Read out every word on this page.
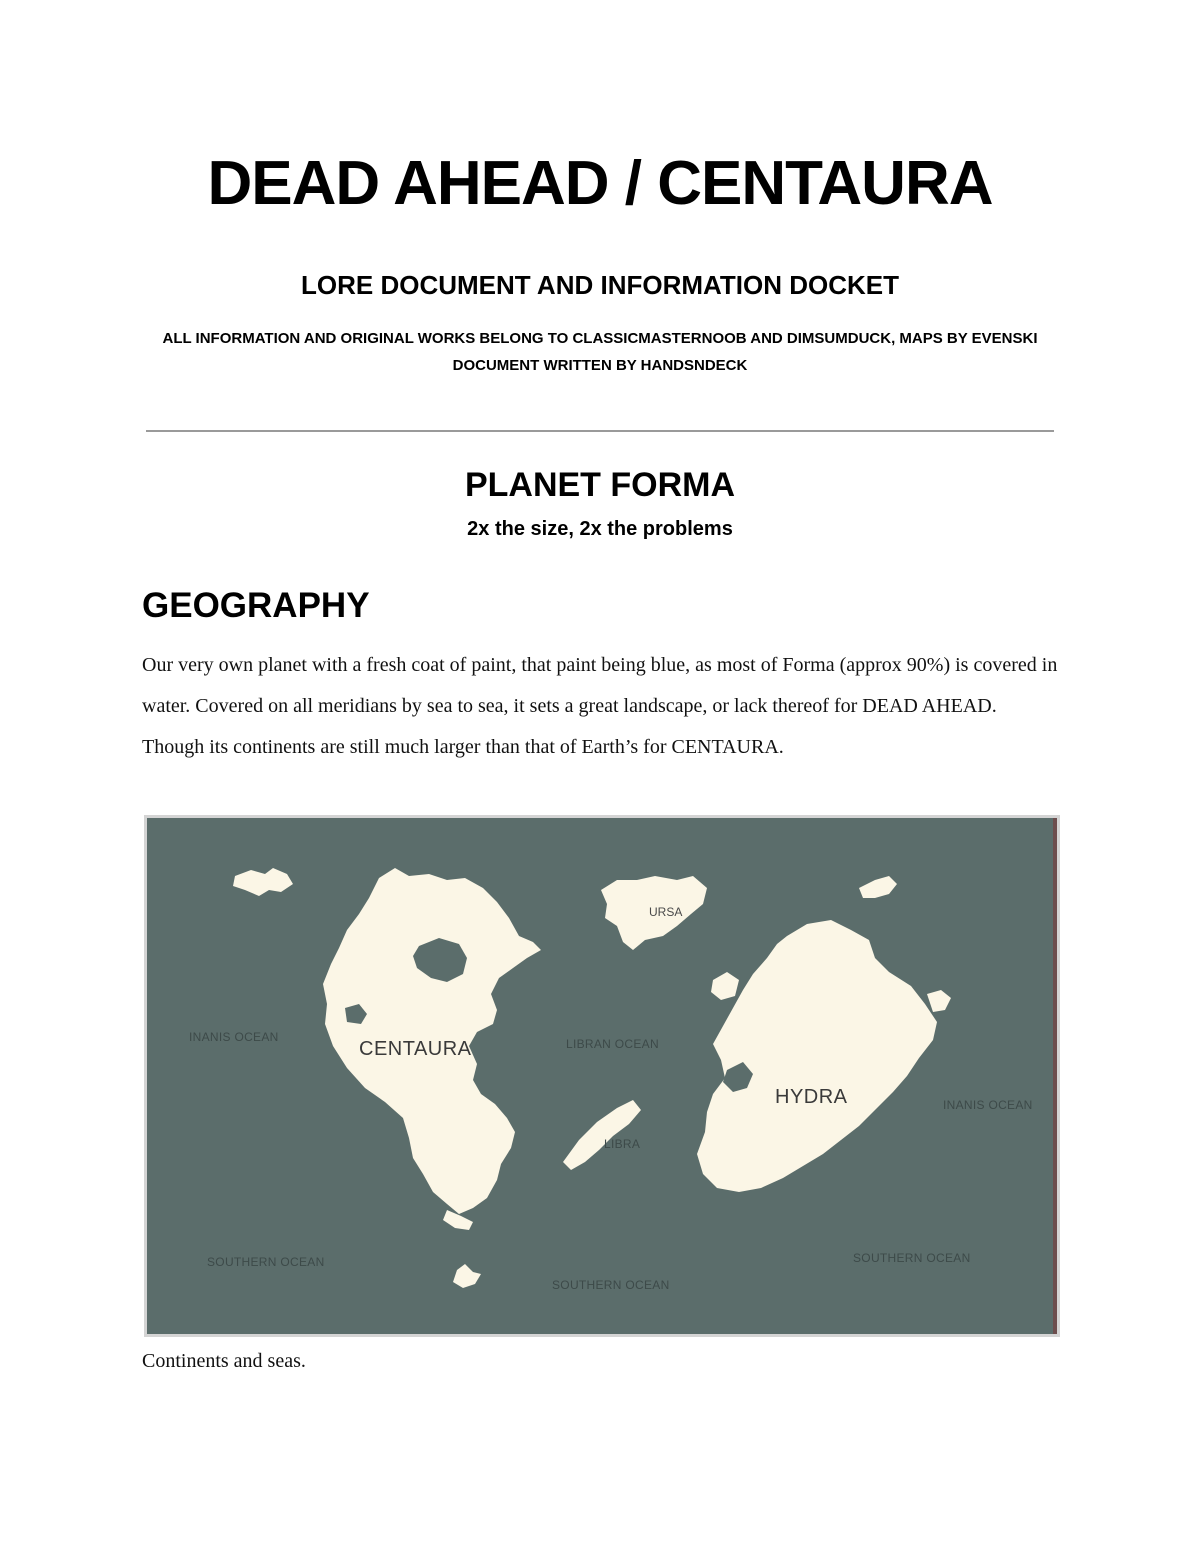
DEAD AHEAD / CENTAURA
LORE DOCUMENT AND INFORMATION DOCKET
ALL INFORMATION AND ORIGINAL WORKS BELONG TO CLASSICMASTERNOOB AND DIMSUMDUCK, MAPS BY EVENSKI
DOCUMENT WRITTEN BY HANDSNDECK
PLANET FORMA
2x the size, 2x the problems
GEOGRAPHY

Our very own planet with a fresh coat of paint, that paint being blue, as most of Forma (approx 90%) is covered in water. Covered on all meridians by sea to sea, it sets a great landscape, or lack thereof for DEAD AHEAD. Though its continents are still much larger than that of Earth’s for CENTAURA.

CENTAURA
HYDRA
URSA
LIBRA
LIBRAN OCEAN
INANIS OCEAN
INANIS OCEAN
SOUTHERN OCEAN
SOUTHERN OCEAN
SOUTHERN OCEAN

Continents and seas.
